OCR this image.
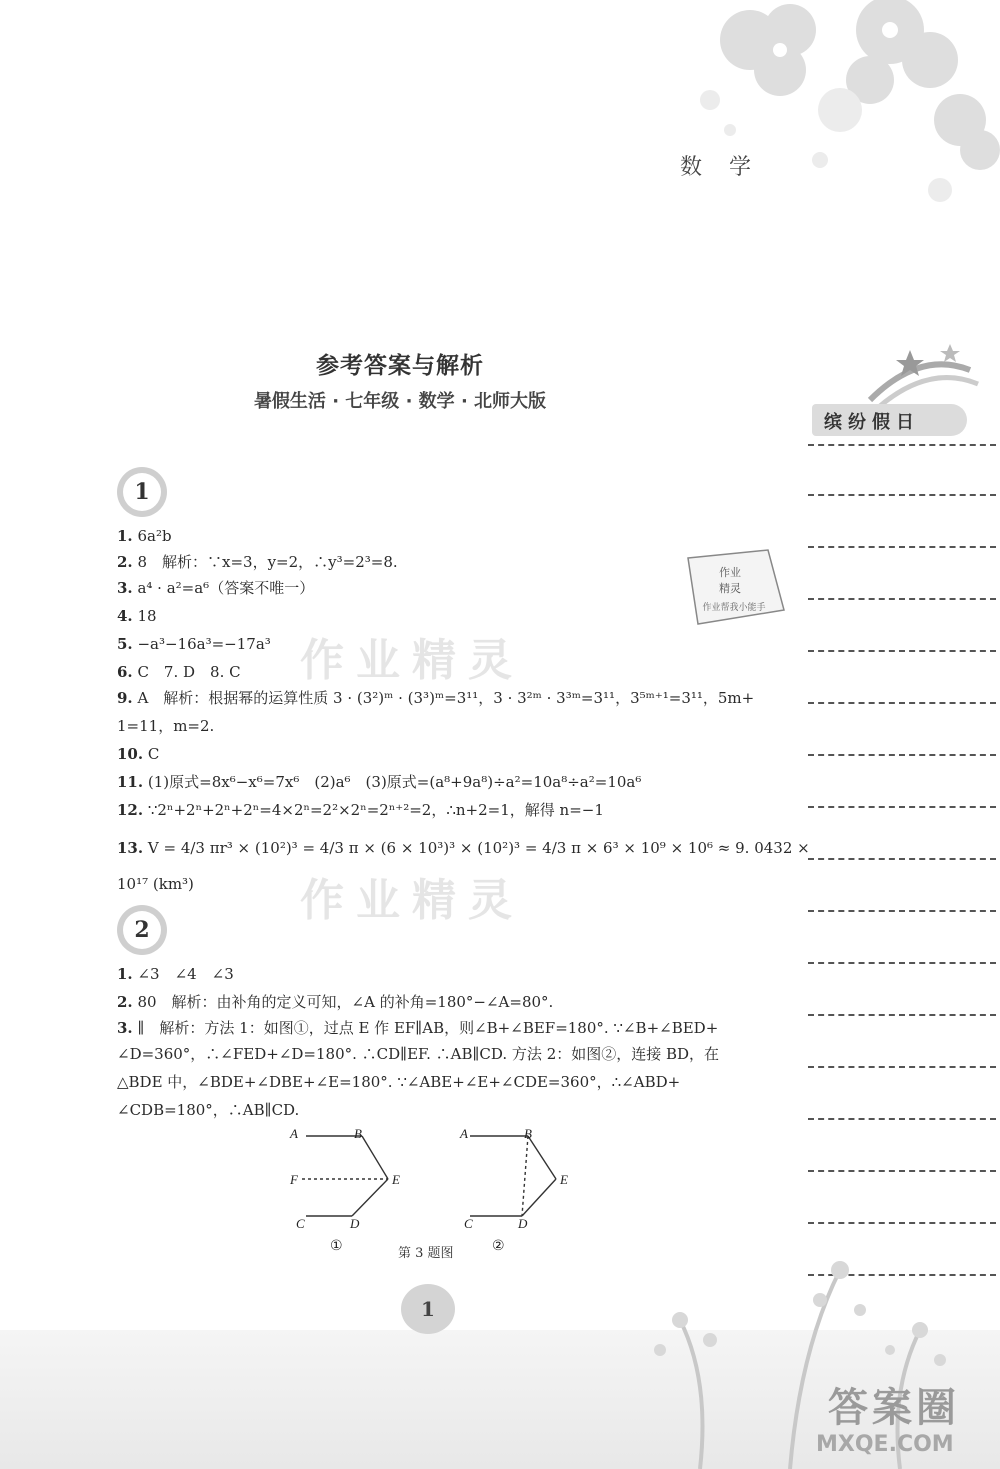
数 学
参考答案与解析
暑假生活 · 七年级 · 数学 · 北师大版
缤纷假日
1
作业
精灵
作业帮我小能手
作业精灵
作业精灵
1. 6a²b
2. 8　解析：∵x=3，y=2，∴y³=2³=8.
3. a⁴ · a²=a⁶（答案不唯一）
4. 18
5. −a³−16a³=−17a³
6. C　7. D　8. C
9. A　解析：根据幂的运算性质 3 · (3²)ᵐ · (3³)ᵐ=3¹¹，3 · 3²ᵐ · 3³ᵐ=3¹¹，3⁵ᵐ⁺¹=3¹¹，5m+
1=11，m=2.
10. C
11. (1)原式=8x⁶−x⁶=7x⁶　(2)a⁶　(3)原式=(a⁸+9a⁸)÷a²=10a⁸÷a²=10a⁶
12. ∵2ⁿ+2ⁿ+2ⁿ+2ⁿ=4×2ⁿ=2²×2ⁿ=2ⁿ⁺²=2，∴n+2=1，解得 n=−1
13. V = 4/3 πr³ × (10²)³ = 4/3 π × (6 × 10³)³ × (10²)³ = 4/3 π × 6³ × 10⁹ × 10⁶ ≈ 9. 0432 ×
10¹⁷ (km³)
2
1. ∠3　∠4　∠3
2. 80　解析：由补角的定义可知，∠A 的补角=180°−∠A=80°.
3. ∥　解析：方法 1：如图①，过点 E 作 EF∥AB，则∠B+∠BEF=180°. ∵∠B+∠BED+
∠D=360°，∴∠FED+∠D=180°. ∴CD∥EF. ∴AB∥CD. 方法 2：如图②，连接 BD，在
△BDE 中，∠BDE+∠DBE+∠E=180°. ∵∠ABE+∠E+∠CDE=360°，∴∠ABD+
∠CDB=180°，∴AB∥CD.
A	B
E
F
C	D
A	B
E
C	D
①	②
第 3 题图
1
答案圈
MXQE.COM
